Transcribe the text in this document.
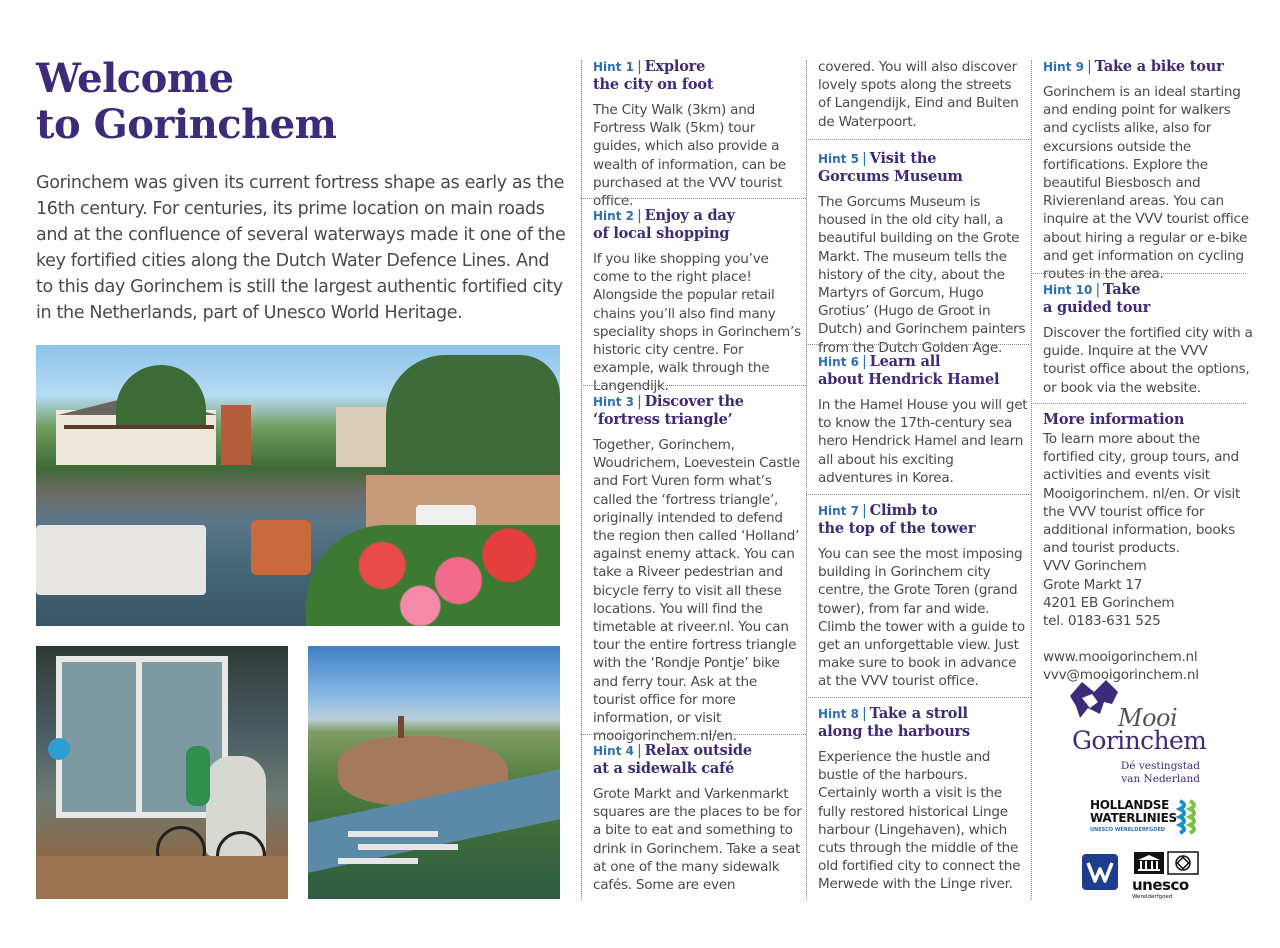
Welcome
to Gorinchem

Gorinchem was given its current fortress shape as early as the 16th century. For centuries, its prime location on main roads and at the confluence of several waterways made it one of the key fortified cities along the Dutch Water Defence Lines. And to this day Gorinchem is still the largest authentic fortified city in the Netherlands, part of Unesco World Heritage.

Hint 1 | Explore
the city on foot

The City Walk (3km) and Fortress Walk (5km) tour guides, which also provide a wealth of information, can be purchased at the VVV tourist office.

Hint 2 | Enjoy a day
of local shopping

If you like shopping you’ve come to the right place! Alongside the popular retail chains you’ll also find many speciality shops in Gorinchem’s historic city centre. For example, walk through the Langendijk.

Hint 3 | Discover the
‘fortress triangle’

Together, Gorinchem, Woudrichem, Loevestein Castle and Fort Vuren form what’s called the ‘fortress triangle’, originally intended to defend the region then called ‘Holland’ against enemy attack. You can take a Riveer pedestrian and bicycle ferry to visit all these locations. You will find the timetable at riveer.nl. You can tour the entire fortress triangle with the ‘Rondje Pontje’ bike and ferry tour. Ask at the tourist office for more information, or visit mooigorinchem.nl/en.

Hint 4 | Relax outside
at a sidewalk café

Grote Markt and Varkenmarkt squares are the places to be for a bite to eat and something to drink in Gorinchem. Take a seat at one of the many sidewalk cafés. Some are even

covered. You will also discover lovely spots along the streets of Langendijk, Eind and Buiten de Waterpoort.

Hint 5 | Visit the
Gorcums Museum

The Gorcums Museum is housed in the old city hall, a beautiful building on the Grote Markt. The museum tells the history of the city, about the Martyrs of Gorcum, Hugo Grotius’ (Hugo de Groot in Dutch) and Gorinchem painters from the Dutch Golden Age.

Hint 6 | Learn all
about Hendrick Hamel

In the Hamel House you will get to know the 17th-century sea hero Hendrick Hamel and learn all about his exciting adventures in Korea.

Hint 7 | Climb to
the top of the tower

You can see the most imposing building in Gorinchem city centre, the Grote Toren (grand tower), from far and wide. Climb the tower with a guide to get an unforgettable view. Just make sure to book in advance at the VVV tourist office.

Hint 8 | Take a stroll
along the harbours

Experience the hustle and bustle of the harbours. Certainly worth a visit is the fully restored historical Linge harbour (Lingehaven), which cuts through the middle of the old fortified city to connect the Merwede with the Linge river.

Hint 9 | Take a bike tour

Gorinchem is an ideal starting and ending point for walkers and cyclists alike, also for excursions outside the fortifications. Explore the beautiful Biesbosch and Rivierenland areas. You can inquire at the VVV tourist office about hiring a regular or e-bike and get information on cycling routes in the area.

Hint 10 | Take
a guided tour

Discover the fortified city with a guide. Inquire at the VVV tourist office about the options, or book via the website.

More information

To learn more about the fortified city, group tours, and activities and events visit Mooigorinchem. nl/en. Or visit the VVV tourist office for additional information, books and tourist products.

VVV Gorinchem

Grote Markt 17

4201 EB Gorinchem

tel. 0183-631 525

www.mooigorinchem.nl

vvv@mooigorinchem.nl

Mooi
Gorinchem
Dé vestingstad
van Nederland
HOLLANDSE
WATERLINIES
UNESCO WERELDERFGOED
unesco
Werelderfgoed
